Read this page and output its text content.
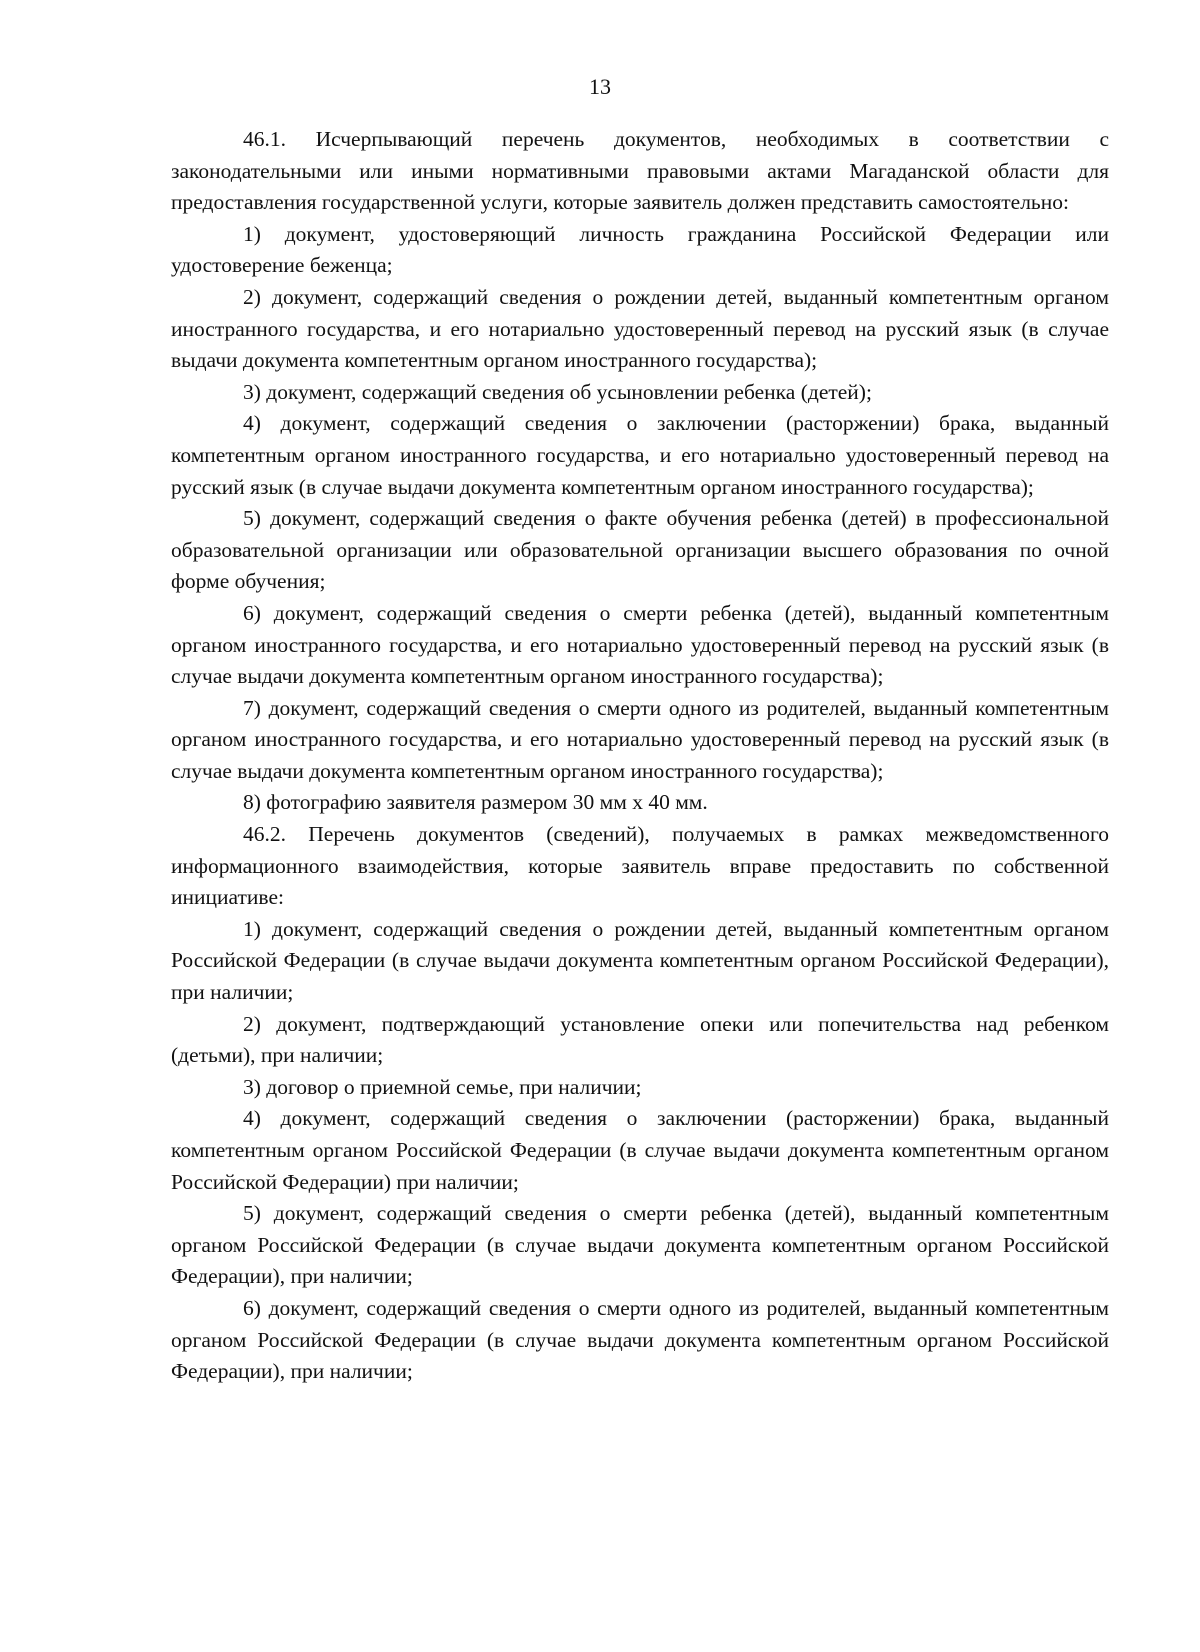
13

46.1. Исчерпывающий перечень документов, необходимых в соответствии с законодательными или иными нормативными правовыми актами Магаданской области для предоставления государственной услуги, которые заявитель должен представить самостоятельно:

1) документ, удостоверяющий личность гражданина Российской Федерации или удостоверение беженца;

2) документ, содержащий сведения о рождении детей, выданный компетентным органом иностранного государства, и его нотариально удостоверенный перевод на русский язык (в случае выдачи документа компетентным органом иностранного государства);

3) документ, содержащий сведения об усыновлении ребенка (детей);

4) документ, содержащий сведения о заключении (расторжении) брака, выданный компетентным органом иностранного государства, и его нотариально удостоверенный перевод на русский язык (в случае выдачи документа компетентным органом иностранного государства);

5) документ, содержащий сведения о факте обучения ребенка (детей) в профессиональной образовательной организации или образовательной организации высшего образования по очной форме обучения;

6) документ, содержащий сведения о смерти ребенка (детей), выданный компетентным органом иностранного государства, и его нотариально удостоверенный перевод на русский язык (в случае выдачи документа компетентным органом иностранного государства);

7) документ, содержащий сведения о смерти одного из родителей, выданный компетентным органом иностранного государства, и его нотариально удостоверенный перевод на русский язык (в случае выдачи документа компетентным органом иностранного государства);

8) фотографию заявителя размером 30 мм х 40 мм.

46.2. Перечень документов (сведений), получаемых в рамках межведомственного информационного взаимодействия, которые заявитель вправе предоставить по собственной инициативе:

1) документ, содержащий сведения о рождении детей, выданный компетентным органом Российской Федерации (в случае выдачи документа компетентным органом Российской Федерации), при наличии;

2) документ, подтверждающий установление опеки или попечительства над ребенком (детьми), при наличии;

3) договор о приемной семье, при наличии;

4) документ, содержащий сведения о заключении (расторжении) брака, выданный компетентным органом Российской Федерации (в случае выдачи документа компетентным органом Российской Федерации) при наличии;

5) документ, содержащий сведения о смерти ребенка (детей), выданный компетентным органом Российской Федерации (в случае выдачи документа компетентным органом Российской Федерации), при наличии;

6) документ, содержащий сведения о смерти одного из родителей, выданный компетентным органом Российской Федерации (в случае выдачи документа компетентным органом Российской Федерации), при наличии;
